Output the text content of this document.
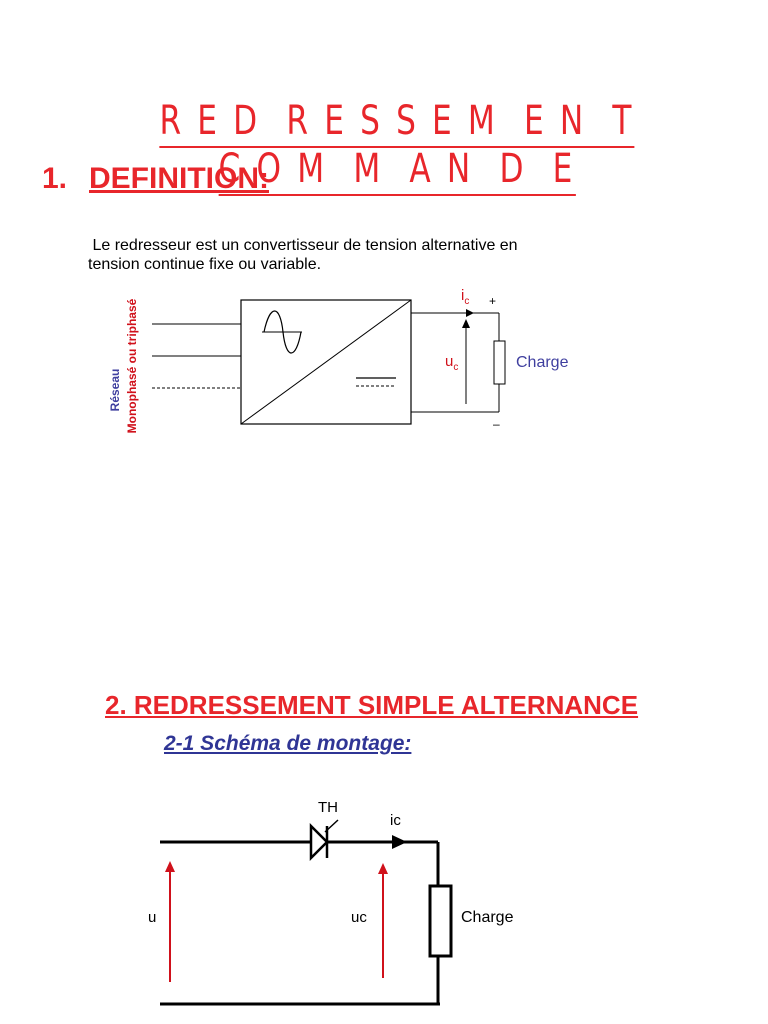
R E D  R E S S E M  E N  T

C O M  M  A N  D  E

1. DEFINITION:
Le redresseur est un convertisseur de tension alternative en
tension continue fixe ou variable.
Réseau Monophasé ou triphasé
$i_c$
$u_c$
+
–
Charge
TH
ic
u	uc	Charge
2. REDRESSEMENT SIMPLE ALTERNANCE
2-1 Schéma de montage:
